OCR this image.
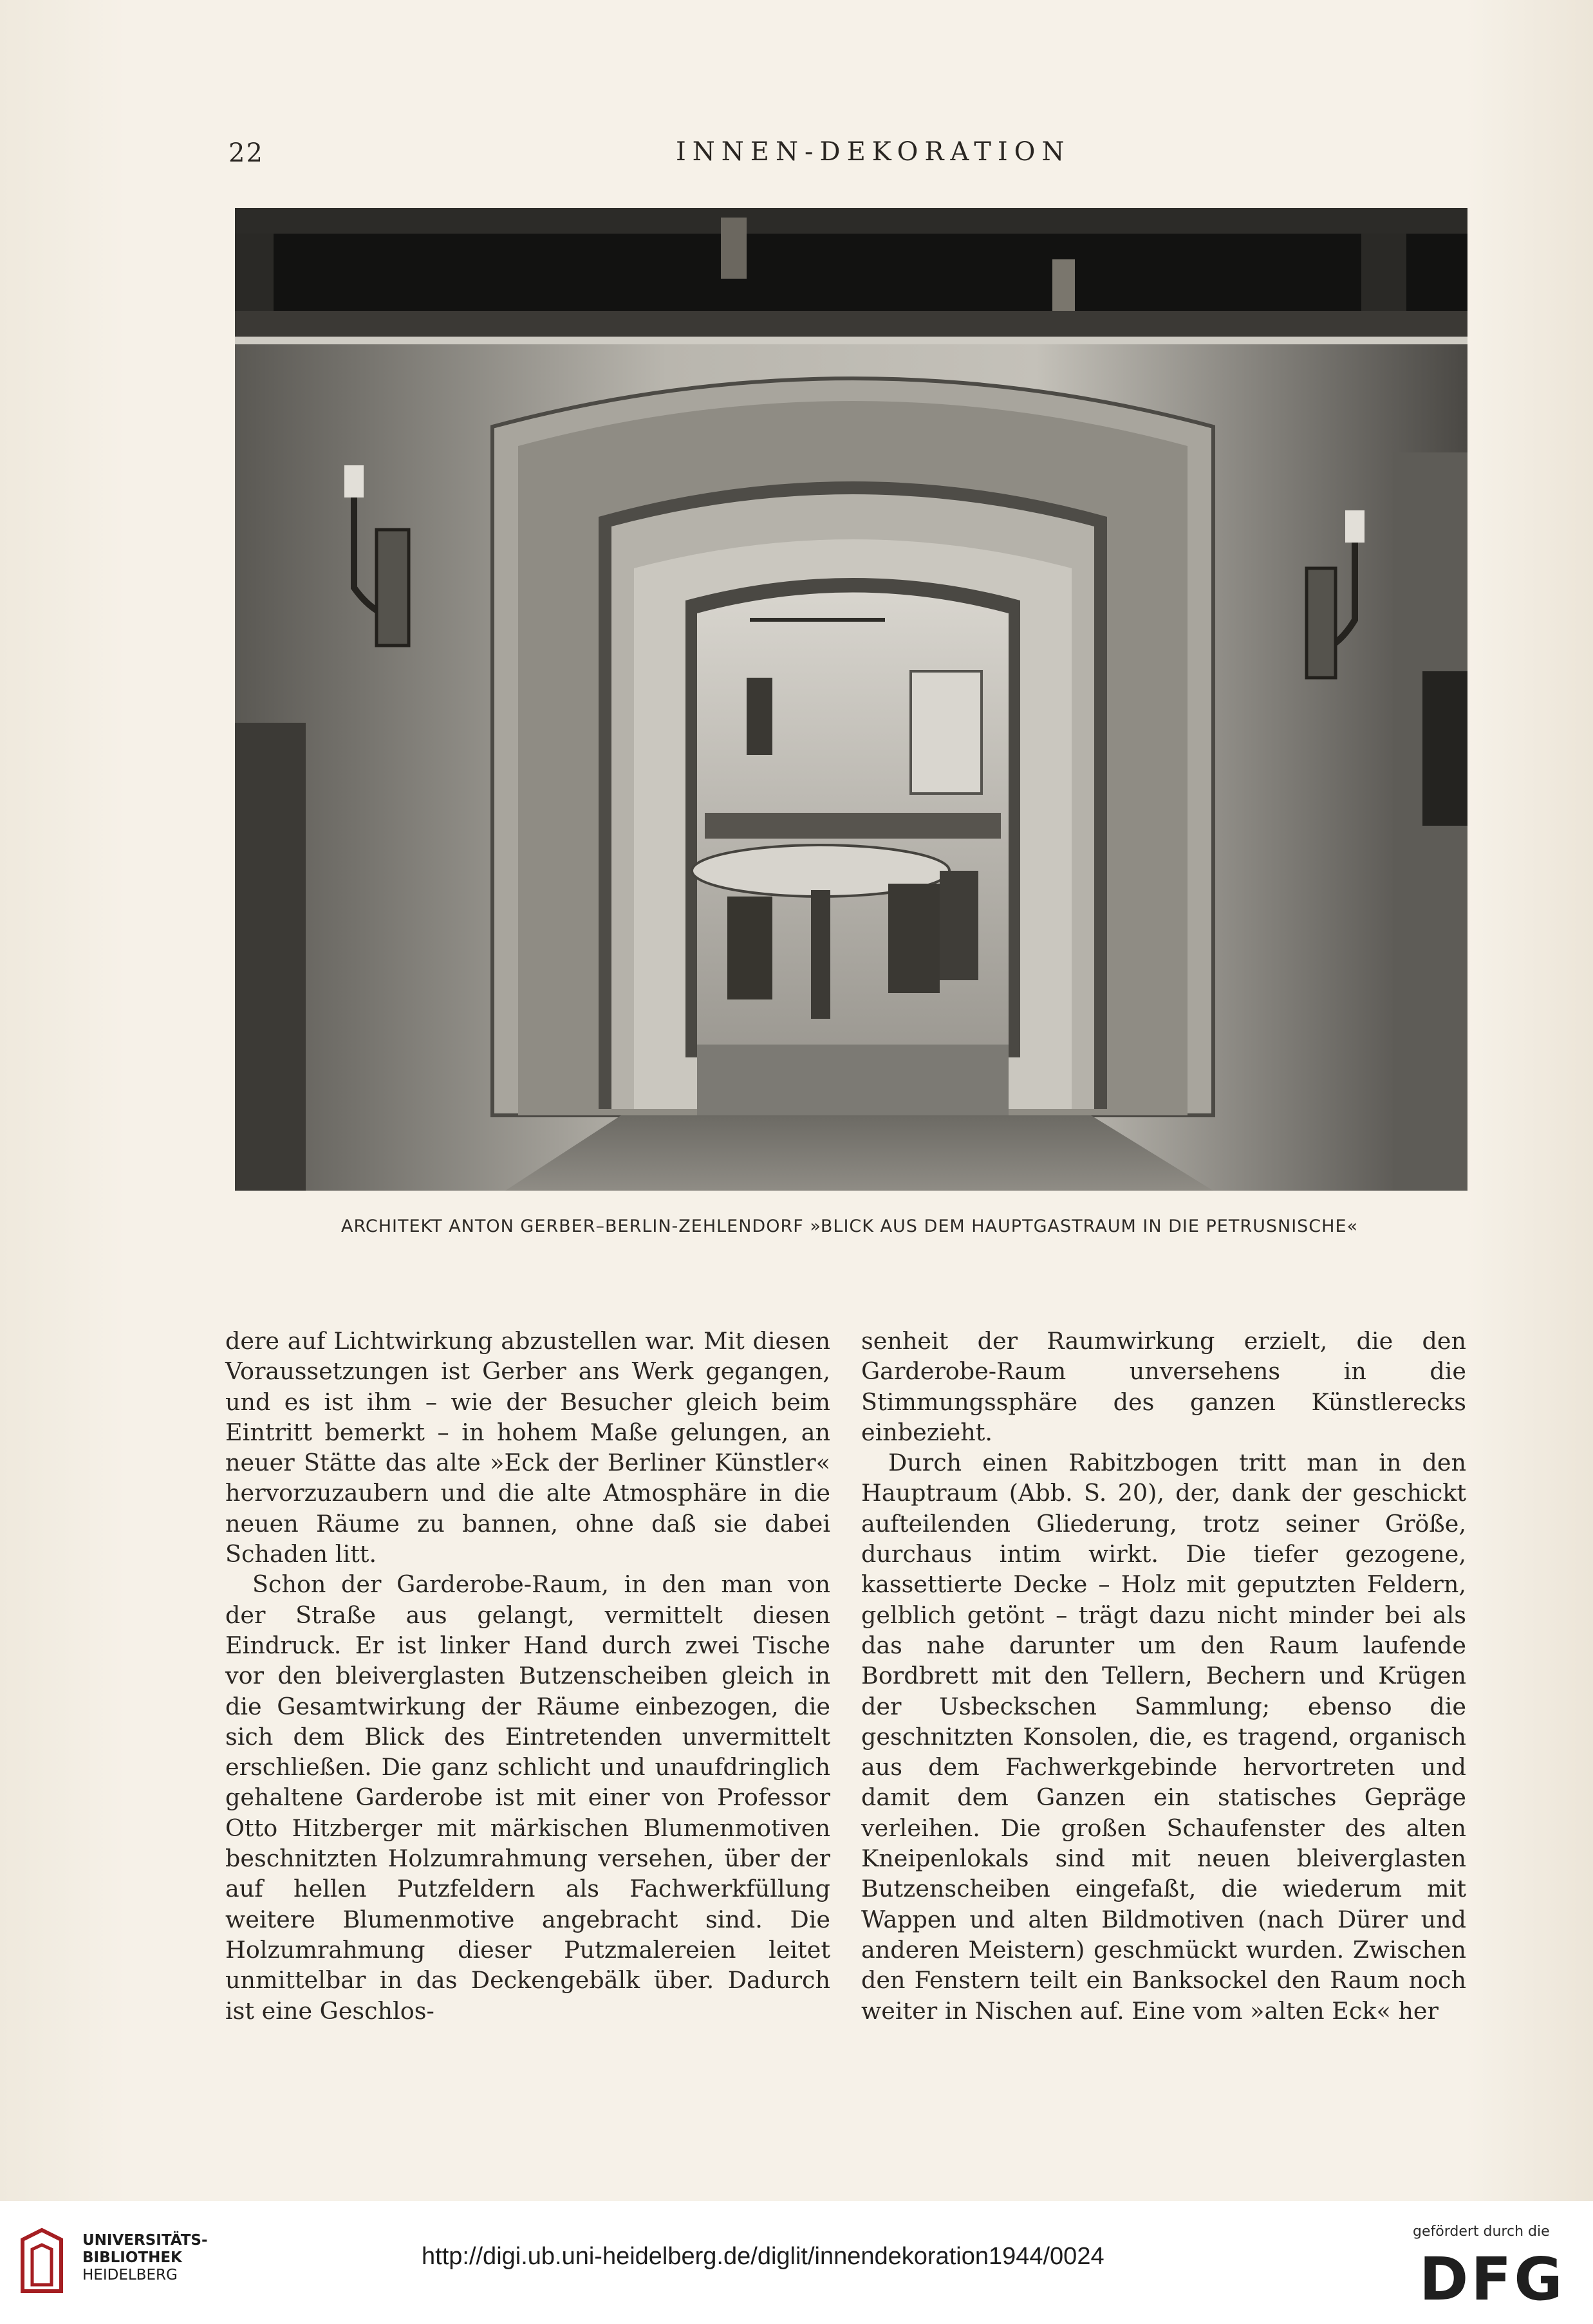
22	INNEN-DEKORATION
ARCHITEKT ANTON GERBER–BERLIN-ZEHLENDORF »BLICK AUS DEM HAUPTGASTRAUM IN DIE PETRUSNISCHE«

dere auf Lichtwirkung abzustellen war. Mit diesen Voraussetzungen ist Gerber ans Werk gegangen, und es ist ihm – wie der Besucher gleich beim Eintritt bemerkt – in hohem Maße gelungen, an neuer Stätte das alte »Eck der Berliner Künstler« hervorzuzaubern und die alte Atmosphäre in die neuen Räume zu bannen, ohne daß sie dabei Schaden litt.

Schon der Garderobe-Raum, in den man von der Straße aus gelangt, vermittelt diesen Eindruck. Er ist linker Hand durch zwei Tische vor den bleiverglasten Butzenscheiben gleich in die Gesamtwirkung der Räume einbezogen, die sich dem Blick des Eintretenden unvermittelt erschließen. Die ganz schlicht und unaufdringlich gehaltene Garderobe ist mit einer von Professor Otto Hitzberger mit märkischen Blumenmotiven beschnitzten Holzumrahmung versehen, über der auf hellen Putzfeldern als Fachwerkfüllung weitere Blumenmotive angebracht sind. Die Holzumrahmung dieser Putzmalereien leitet unmittelbar in das Deckengebälk über. Dadurch ist eine Geschlos-

senheit der Raumwirkung erzielt, die den Garderobe-Raum unversehens in die Stimmungssphäre des ganzen Künstlerecks einbezieht.

Durch einen Rabitzbogen tritt man in den Hauptraum (Abb. S. 20), der, dank der geschickt aufteilenden Gliederung, trotz seiner Größe, durchaus intim wirkt. Die tiefer gezogene, kassettierte Decke – Holz mit geputzten Feldern, gelblich getönt – trägt dazu nicht minder bei als das nahe darunter um den Raum laufende Bordbrett mit den Tellern, Bechern und Krügen der Usbeckschen Sammlung; ebenso die geschnitzten Konsolen, die, es tragend, organisch aus dem Fachwerkgebinde hervortreten und damit dem Ganzen ein statisches Gepräge verleihen. Die großen Schaufenster des alten Kneipenlokals sind mit neuen bleiverglasten Butzenscheiben eingefaßt, die wiederum mit Wappen und alten Bildmotiven (nach Dürer und anderen Meistern) geschmückt wurden. Zwischen den Fenstern teilt ein Banksockel den Raum noch weiter in Nischen auf. Eine vom »alten Eck« her

UNIVERSITÄTS-
BIBLIOTHEK
HEIDELBERG
http://digi.ub.uni-heidelberg.de/diglit/innendekoration1944/0024
gefördert durch die
DFG
